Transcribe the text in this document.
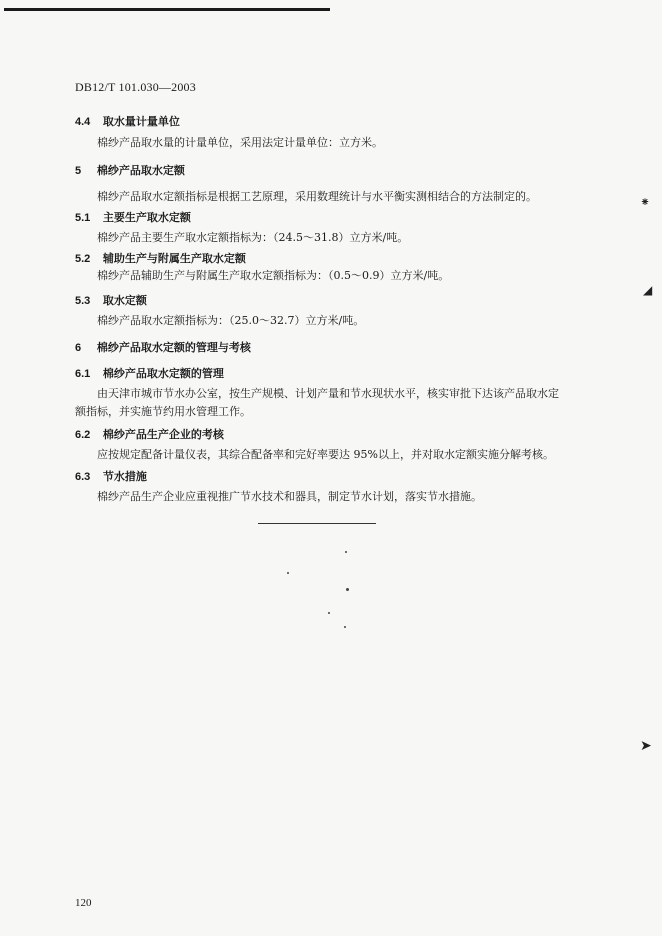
DB12/T 101.030—2003
4.4 取水量计量单位
棉纱产品取水量的计量单位，采用法定计量单位：立方米。
5 棉纱产品取水定额
棉纱产品取水定额指标是根据工艺原理，采用数理统计与水平衡实测相结合的方法制定的。
5.1 主要生产取水定额
棉纱产品主要生产取水定额指标为：（24.5～31.8）立方米/吨。
5.2 辅助生产与附属生产取水定额
棉纱产品辅助生产与附属生产取水定额指标为：（0.5～0.9）立方米/吨。
5.3 取水定额
棉纱产品取水定额指标为：（25.0～32.7）立方米/吨。
6 棉纱产品取水定额的管理与考核
6.1 棉纱产品取水定额的管理
由天津市城市节水办公室，按生产规模、计划产量和节水现状水平，核实审批下达该产品取水定
额指标，并实施节约用水管理工作。
6.2 棉纱产品生产企业的考核
应按规定配备计量仪表，其综合配备率和完好率要达 95%以上，并对取水定额实施分解考核。
6.3 节水措施
棉纱产品生产企业应重视推广节水技术和器具，制定节水计划，落实节水措施。
⁕
◢
➤
120
